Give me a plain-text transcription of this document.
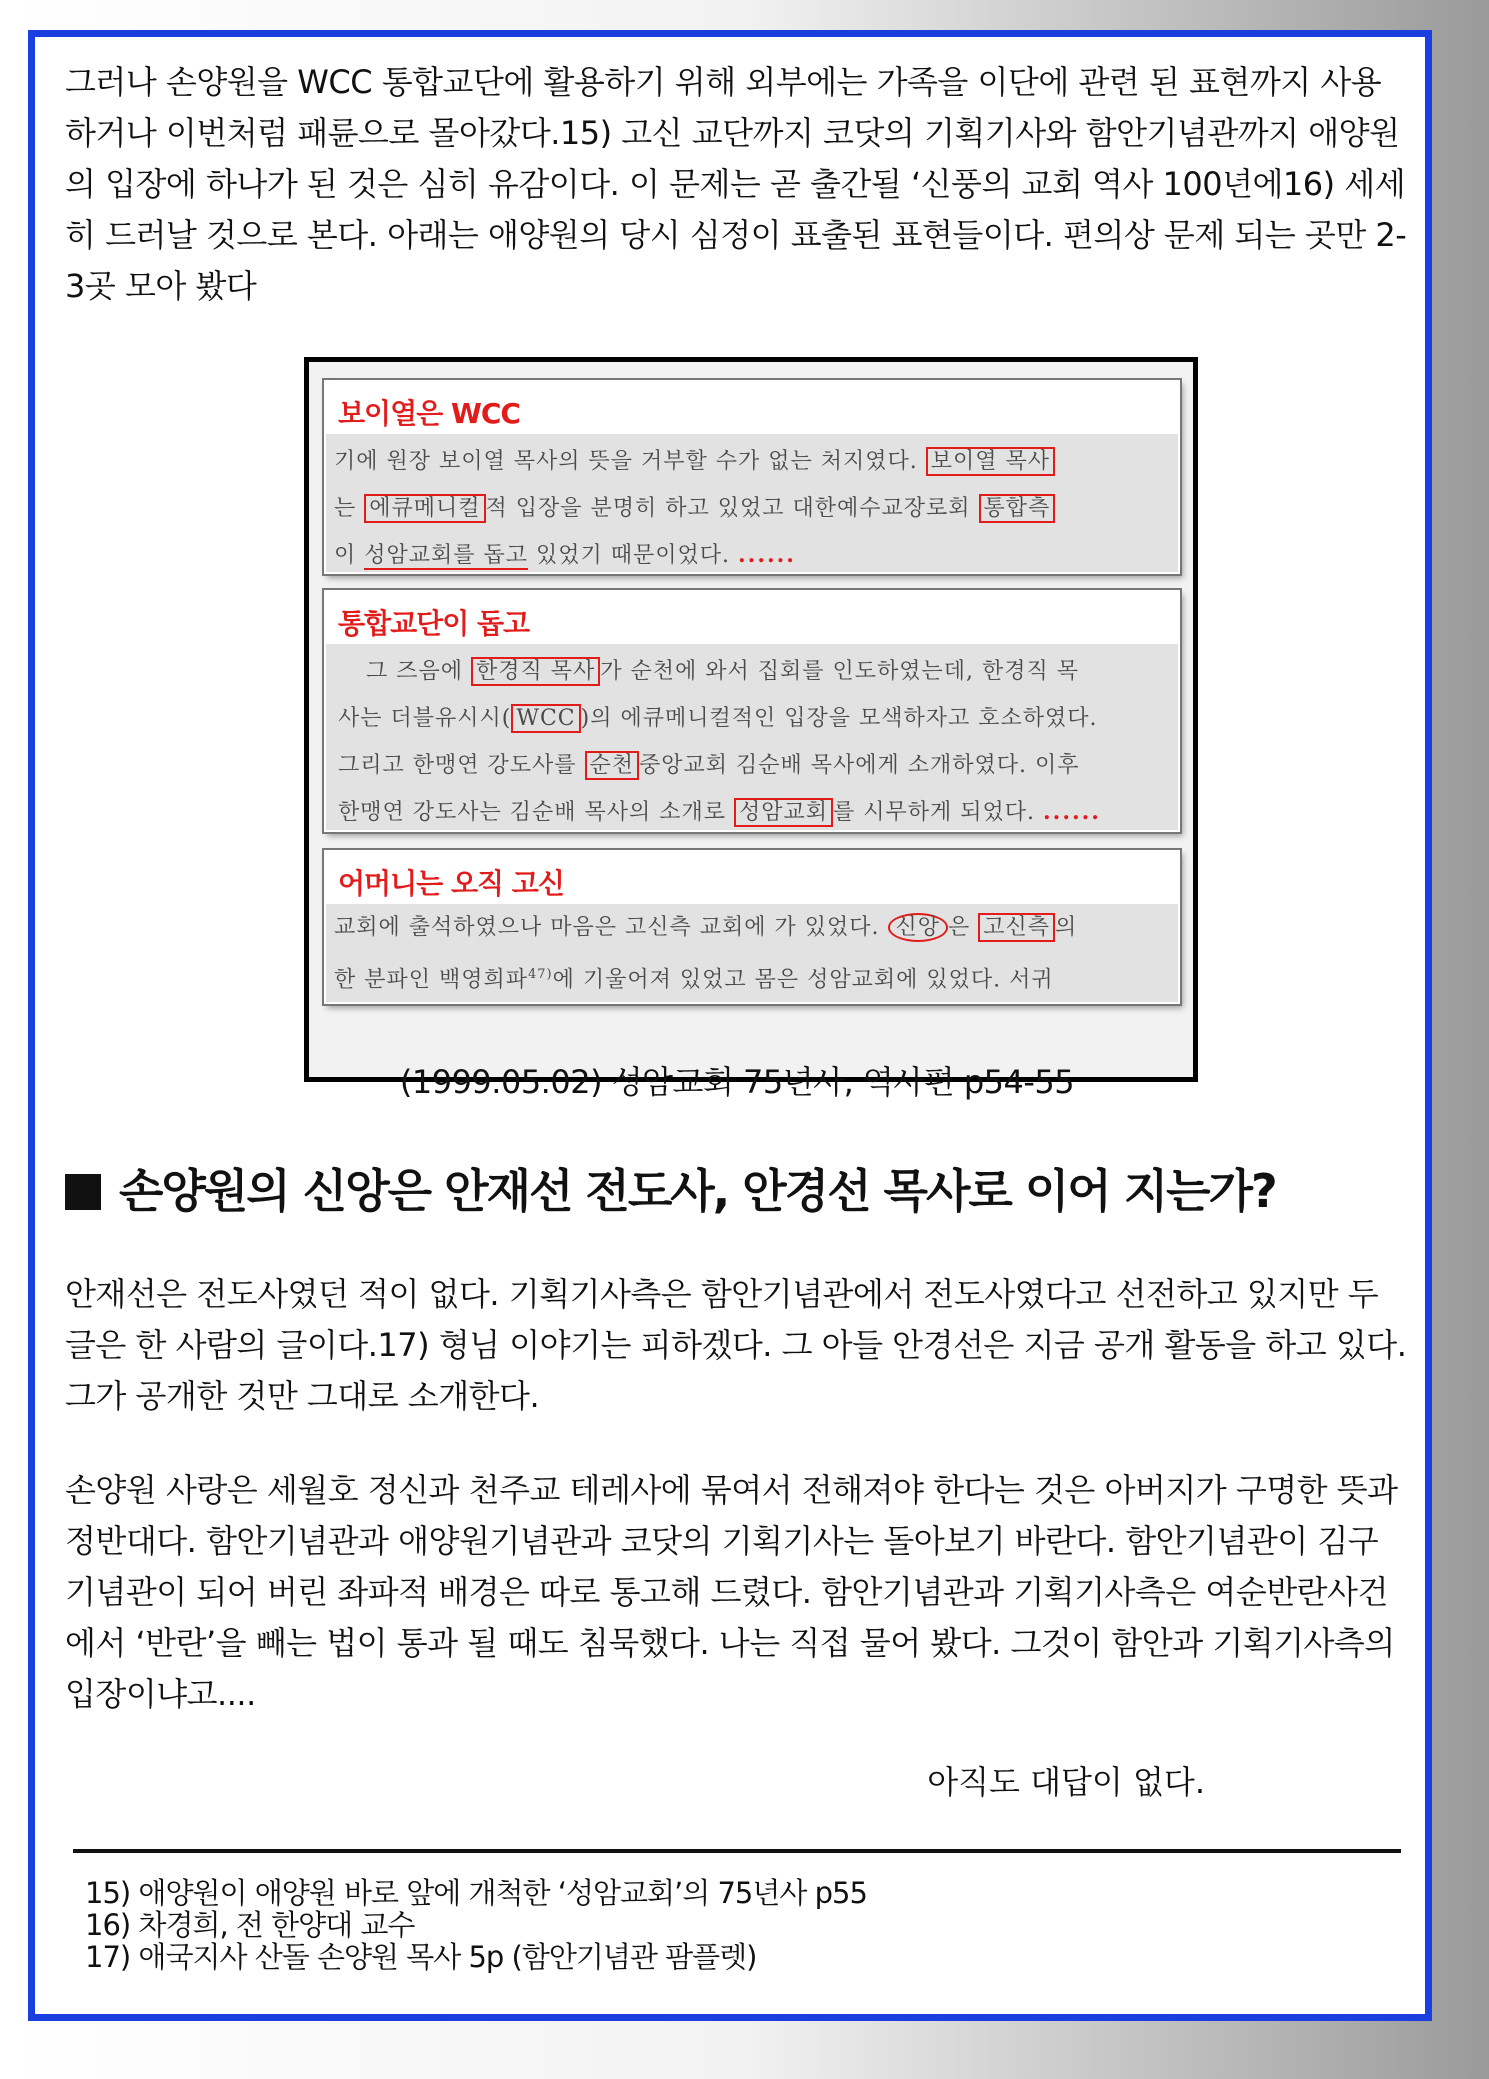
그러나 손양원을 WCC 통합교단에 활용하기 위해 외부에는 가족을 이단에 관련 된 표현까지 사용하거나 이번처럼 패륜으로 몰아갔다.15) 고신 교단까지 코닷의 기획기사와 함안기념관까지 애양원의 입장에 하나가 된 것은 심히 유감이다. 이 문제는 곧 출간될 ‘신풍의 교회 역사 100년에16) 세세히 드러날 것으로 본다. 아래는 애양원의 당시 심정이 표출된 표현들이다. 편의상 문제 되는 곳만 2-3곳 모아 봤다

보이열은 WCC
기에 원장 보이열 목사의 뜻을 거부할 수가 없는 처지였다. 보이열 목사
는 에큐메니컬 적 입장을 분명히 하고 있었고 대한예수교장로회 통합측
이 성암교회를 돕고 있었기 때문이었다. ......
통합교단이 돕고
그 즈음에 한경직 목사 가 순천에 와서 집회를 인도하였는데, 한경직 목
사는 더블유시시( WCC )의 에큐메니컬적인 입장을 모색하자고 호소하였다.
그리고 한맹연 강도사를 순천 중앙교회 김순배 목사에게 소개하였다. 이후
한맹연 강도사는 김순배 목사의 소개로 성암교회 를 시무하게 되었다. ......
어머니는 오직 고신
교회에 출석하였으나 마음은 고신측 교회에 가 있었다. 신앙 은 고신측 의
한 분파인 백영희파$^{47)}$에 기울어져 있었고 몸은 성암교회에 있었다. 서귀
(1999.05.02) 성암교회 75년사, 역사편 p54-55
손양원의 신앙은 안재선 전도사, 안경선 목사로 이어 지는가?

안재선은 전도사였던 적이 없다. 기획기사측은 함안기념관에서 전도사였다고 선전하고 있지만 두 글은 한 사람의 글이다.17) 형님 이야기는 피하겠다. 그 아들 안경선은 지금 공개 활동을 하고 있다. 그가 공개한 것만 그대로 소개한다.

손양원 사랑은 세월호 정신과 천주교 테레사에 묶여서 전해져야 한다는 것은 아버지가 구명한 뜻과 정반대다. 함안기념관과 애양원기념관과 코닷의 기획기사는 돌아보기 바란다. 함안기념관이 김구 기념관이 되어 버린 좌파적 배경은 따로 통고해 드렸다. 함안기념관과 기획기사측은 여순반란사건에서 ‘반란’을 빼는 법이 통과 될 때도 침묵했다. 나는 직접 물어 봤다. 그것이 함안과 기획기사측의 입장이냐고....

아직도 대답이 없다.
15) 애양원이 애양원 바로 앞에 개척한 ‘성암교회’의 75년사 p55
16) 차경희, 전 한양대 교수
17) 애국지사 산돌 손양원 목사 5p (함안기념관 팜플렛)
